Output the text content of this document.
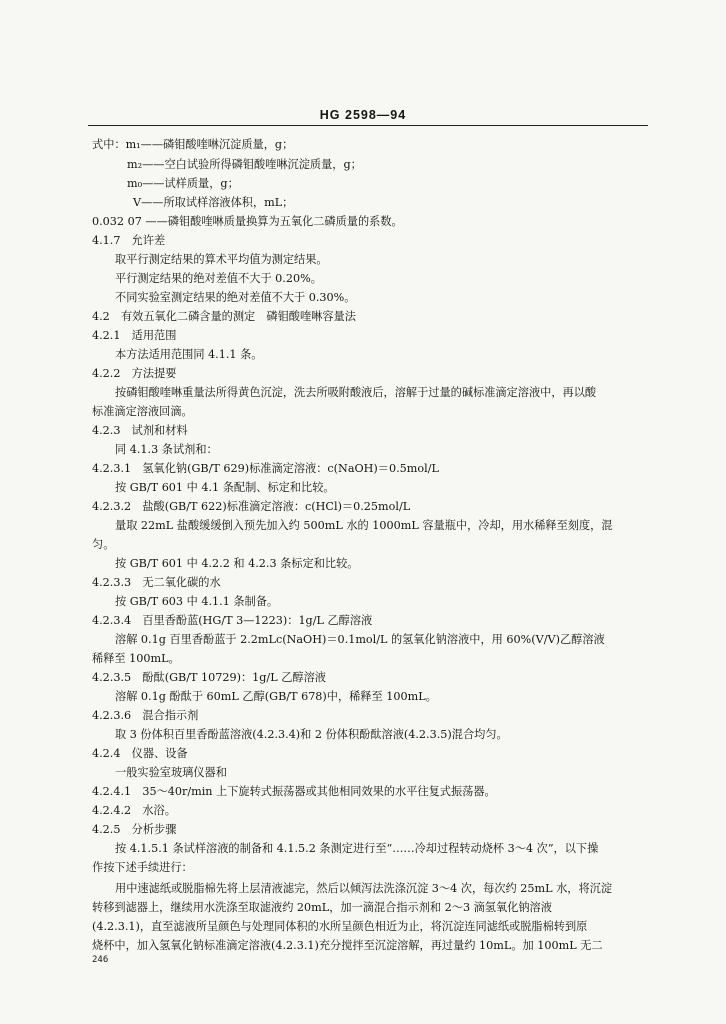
HG 2598—94
式中：m₁——磷钼酸喹啉沉淀质量，g；
m₂——空白试验所得磷钼酸喹啉沉淀质量，g；
m₀——试样质量，g；
V——所取试样溶液体积，mL；
0.032 07 ——磷钼酸喹啉质量换算为五氧化二磷质量的系数。
4.1.7　允许差
取平行测定结果的算术平均值为测定结果。
平行测定结果的绝对差值不大于 0.20%。
不同实验室测定结果的绝对差值不大于 0.30%。
4.2　有效五氧化二磷含量的测定　磷钼酸喹啉容量法
4.2.1　适用范围
本方法适用范围同 4.1.1 条。
4.2.2　方法提要
按磷钼酸喹啉重量法所得黄色沉淀，洗去所吸附酸液后，溶解于过量的碱标准滴定溶液中，再以酸
标准滴定溶液回滴。
4.2.3　试剂和材料
同 4.1.3 条试剂和：
4.2.3.1　氢氧化钠(GB/T 629)标准滴定溶液：c(NaOH)＝0.5mol/L
按 GB/T 601 中 4.1 条配制、标定和比较。
4.2.3.2　盐酸(GB/T 622)标准滴定溶液：c(HCl)＝0.25mol/L
量取 22mL 盐酸缓缓倒入预先加入约 500mL 水的 1000mL 容量瓶中，冷却，用水稀释至刻度，混
匀。
按 GB/T 601 中 4.2.2 和 4.2.3 条标定和比较。
4.2.3.3　无二氧化碳的水
按 GB/T 603 中 4.1.1 条制备。
4.2.3.4　百里香酚蓝(HG/T 3—1223)：1g/L 乙醇溶液
溶解 0.1g 百里香酚蓝于 2.2mLc(NaOH)＝0.1mol/L 的氢氧化钠溶液中，用 60%(V/V)乙醇溶液
稀释至 100mL。
4.2.3.5　酚酞(GB/T 10729)：1g/L 乙醇溶液
溶解 0.1g 酚酞于 60mL 乙醇(GB/T 678)中，稀释至 100mL。
4.2.3.6　混合指示剂
取 3 份体积百里香酚蓝溶液(4.2.3.4)和 2 份体积酚酞溶液(4.2.3.5)混合均匀。
4.2.4　仪器、设备
一般实验室玻璃仪器和
4.2.4.1　35～40r/min 上下旋转式振荡器或其他相同效果的水平往复式振荡器。
4.2.4.2　水浴。
4.2.5　分析步骤
按 4.1.5.1 条试样溶液的制备和 4.1.5.2 条测定进行至“……冷却过程转动烧杯 3～4 次”，以下操
作按下述手续进行：
用中速滤纸或脱脂棉先将上层清液滤完，然后以倾泻法洗涤沉淀 3～4 次，每次约 25mL 水，将沉淀
转移到滤器上，继续用水洗涤至取滤液约 20mL，加一滴混合指示剂和 2～3 滴氢氧化钠溶液
(4.2.3.1)，直至滤液所呈颜色与处理同体积的水所呈颜色相近为止，将沉淀连同滤纸或脱脂棉转到原
烧杯中，加入氢氧化钠标准滴定溶液(4.2.3.1)充分搅拌至沉淀溶解，再过量约 10mL。加 100mL 无二
246
